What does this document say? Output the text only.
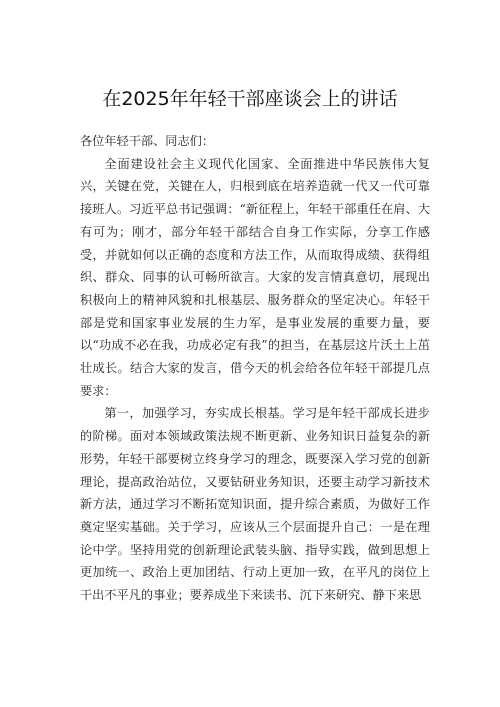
在2025年年轻干部座谈会上的讲话

各位年轻干部、同志们：

全面建设社会主义现代化国家、全面推进中华民族伟大复兴，关键在党，关键在人，归根到底在培养造就一代又一代可靠接班人。习近平总书记强调：“新征程上，年轻干部重任在肩、大有可为；刚才，部分年轻干部结合自身工作实际，分享工作感受，并就如何以正确的态度和方法工作，从而取得成绩、获得组织、群众、同事的认可畅所欲言。大家的发言情真意切，展现出积极向上的精神风貌和扎根基层、服务群众的坚定决心。年轻干部是党和国家事业发展的生力军，是事业发展的重要力量，要以“功成不必在我，功成必定有我”的担当，在基层这片沃土上茁壮成长。结合大家的发言，借今天的机会给各位年轻干部提几点要求：

第一，加强学习，夯实成长根基。学习是年轻干部成长进步的阶梯。面对本领域政策法规不断更新、业务知识日益复杂的新形势，年轻干部要树立终身学习的理念，既要深入学习党的创新理论，提高政治站位，又要钻研业务知识，还要主动学习新技术新方法，通过学习不断拓宽知识面，提升综合素质，为做好工作奠定坚实基础。关于学习，应该从三个层面提升自己：一是在理论中学。坚持用党的创新理论武装头脑、指导实践，做到思想上更加统一、政治上更加团结、行动上更加一致，在平凡的岗位上干出不平凡的事业；要养成坐下来读书、沉下来研究、静下来思
